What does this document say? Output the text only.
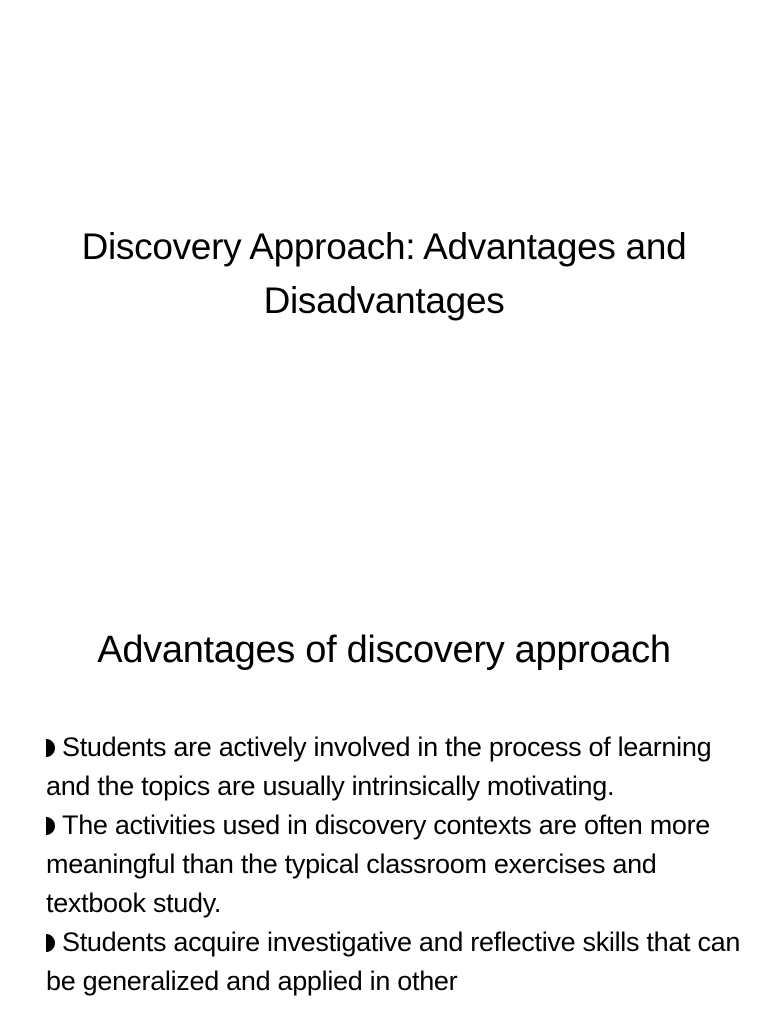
Discovery Approach: Advantages and Disadvantages
Advantages of discovery approach
Students are actively involved in the process of learning and the topics are usually intrinsically motivating.
The activities used in discovery contexts are often more meaningful than the typical classroom exercises and textbook study.
Students acquire investigative and reflective skills that can be generalized and applied in other
